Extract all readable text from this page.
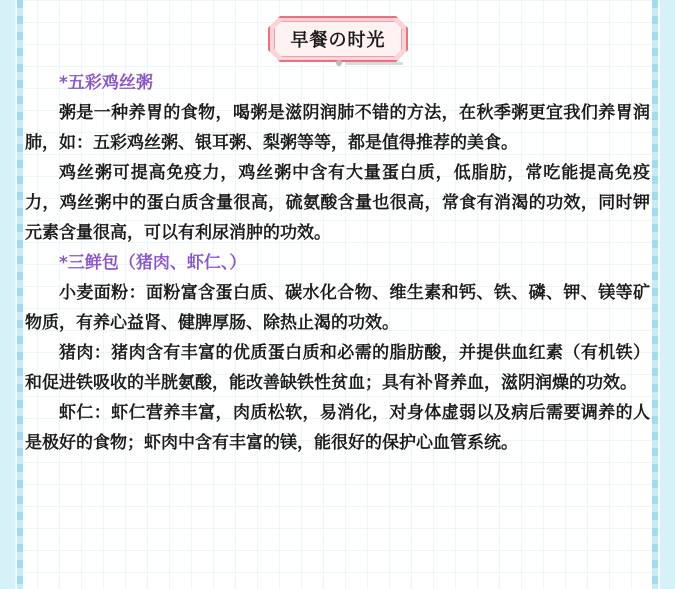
早餐の时光
*五彩鸡丝粥

粥是一种养胃的食物，喝粥是滋阴润肺不错的方法，在秋季粥更宜我们养胃润肺，如：五彩鸡丝粥、银耳粥、梨粥等等，都是值得推荐的美食。

鸡丝粥可提高免疫力，鸡丝粥中含有大量蛋白质，低脂肪，常吃能提高免疫力，鸡丝粥中的蛋白质含量很高，硫氨酸含量也很高，常食有消渴的功效，同时钾元素含量很高，可以有利尿消肿的功效。

*三鲜包（猪肉、虾仁、）

小麦面粉：面粉富含蛋白质、碳水化合物、维生素和钙、铁、磷、钾、镁等矿物质，有养心益肾、健脾厚肠、除热止渴的功效。

猪肉：猪肉含有丰富的优质蛋白质和必需的脂肪酸，并提供血红素（有机铁）和促进铁吸收的半胱氨酸，能改善缺铁性贫血；具有补肾养血，滋阴润燥的功效。

虾仁：虾仁营养丰富，肉质松软，易消化，对身体虚弱以及病后需要调养的人是极好的食物；虾肉中含有丰富的镁，能很好的保护心血管系统。
